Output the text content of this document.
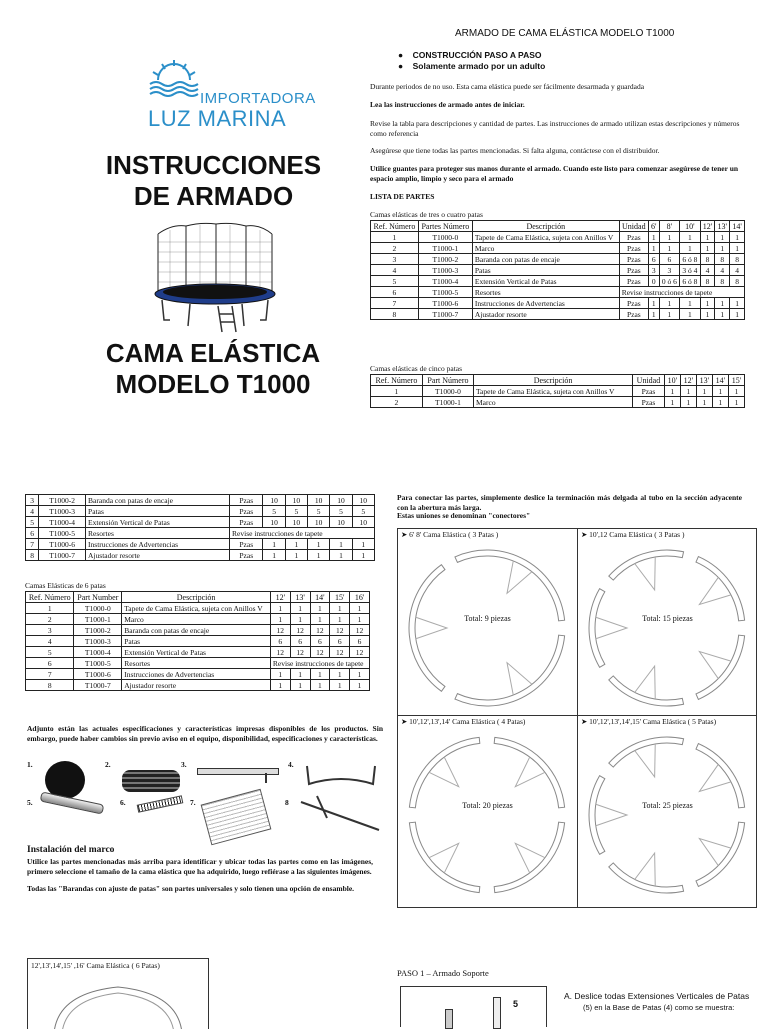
IMPORTADORA
LUZ MARINA
INSTRUCCIONES
DE ARMADO
CAMA ELÁSTICA
MODELO T1000
ARMADO DE CAMA ELÁSTICA MODELO T1000
● CONSTRUCCIÓN PASO A PASO
● Solamente armado por un adulto
Durante periodos de no uso. Esta cama elástica puede ser fácilmente desarmada y guardada
Lea las instrucciones de armado antes de iniciar.
Revise la tabla para descripciones y cantidad de partes. Las instrucciones de armado utilizan estas descripciones y números como referencia
Asegúrese que tiene todas las partes mencionadas. Si falta alguna, contáctese con el distribuidor.
Utilice guantes para proteger sus manos durante el armado. Cuando este listo para comenzar asegúrese de tener un espacio amplio, limpio y seco para el armado
LISTA DE PARTES
Camas elásticas de tres o cuatro patas
Ref. Número	Partes Número	Descripción	Unidad	6'	8'	10'	12'	13'	14'
1	T1000-0	Tapete de Cama Elástica, sujeta con Anillos V	Pzas	1	1	1	1	1	1
2	T1000-1	Marco	Pzas	1	1	1	1	1	1
3	T1000-2	Baranda con patas de encaje	Pzas	6	6	6 ó 8	8	8	8
4	T1000-3	Patas	Pzas	3	3	3 ó 4	4	4	4
5	T1000-4	Extensión Vertical de Patas	Pzas	0	0 ó 6	6 ó 8	8	8	8
6	T1000-5	Resortes	Revise instrucciones de tapete						
7	T1000-6	Instrucciones de Advertencias	Pzas	1	1	1	1	1	1
8	T1000-7	Ajustador resorte	Pzas	1	1	1	1	1	1
Camas elásticas de cinco patas
Ref. Número	Part Número	Descripción	Unidad	10'	12'	13'	14'	15'
1	T1000-0	Tapete de Cama Elástica, sujeta con Anillos V	Pzas	1	1	1	1	1
2	T1000-1	Marco	Pzas	1	1	1	1	1
3	T1000-2	Baranda con patas de encaje	Pzas	10	10	10	10	10
4	T1000-3	Patas	Pzas	5	5	5	5	5
5	T1000-4	Extensión Vertical de Patas	Pzas	10	10	10	10	10
6	T1000-5	Resortes	Revise instrucciones de tapete					
7	T1000-6	Instrucciones de Advertencias	Pzas	1	1	1	1	1
8	T1000-7	Ajustador resorte	Pzas	1	1	1	1	1
Camas Elásticas de 6 patas
Ref. Número	Part Number	Descripción	12'	13'	14'	15'	16'
1	T1000-0	Tapete de Cama Elástica, sujeta con Anillos V	1	1	1	1	1
2	T1000-1	Marco	1	1	1	1	1
3	T1000-2	Baranda con patas de encaje	12	12	12	12	12
4	T1000-3	Patas	6	6	6	6	6
5	T1000-4	Extensión Vertical de Patas	12	12	12	12	12
6	T1000-5	Resortes	Revise instrucciones de tapete				
7	T1000-6	Instrucciones de Advertencias	1	1	1	1	1
8	T1000-7	Ajustador resorte	1	1	1	1	1
Adjunto están las actuales especificaciones y características impresas disponibles de los productos. Sin embargo, puede haber cambios sin previo aviso en el equipo, disponibilidad, especificaciones y características.
1.	2.	3.	4.
5.	6.	7.	8
Instalación del marco
Utilice las partes mencionadas más arriba para identificar y ubicar todas las partes como en las imágenes, primero seleccione el tamaño de la cama elástica que ha adquirido, luego refiérase a las siguientes imágenes.
Todas las "Barandas con ajuste de patas" son partes universales y solo tienen una opción de ensamble.
Para conectar las partes, simplemente deslice la terminación más delgada al tubo en la sección adyacente con la abertura más larga.
Estas uniones se denominan "conectores"
➤ 6' 8' Cama Elástica ( 3 Patas )
Total: 9 piezas
➤ 10',12 Cama Elástica ( 3 Patas )
Total: 15 piezas
➤ 10',12',13',14' Cama Elástica ( 4 Patas)
Total: 20 piezas
➤ 10',12',13',14',15' Cama Elástica ( 5 Patas)
Total: 25 piezas
12',13',14',15' ,16' Cama Elástica ( 6 Patas)
PASO 1 – Armado Soporte
5
A. Deslice todas Extensiones Verticales de Patas
(5) en la Base de Patas (4) como se muestra:
